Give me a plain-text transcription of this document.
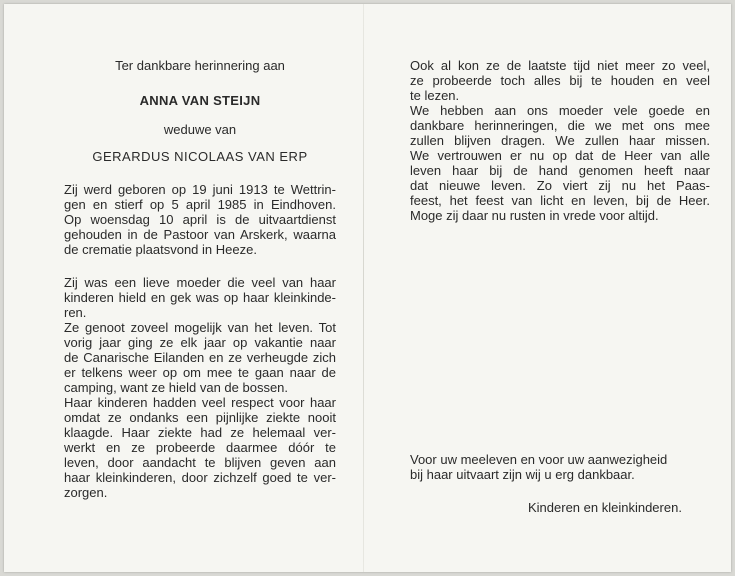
Ter dankbare herinnering aan
ANNA VAN STEIJN
weduwe van
GERARDUS NICOLAAS VAN ERP
Zij werd geboren op 19 juni 1913 te Wettrin-
gen en stierf op 5 april 1985 in Eindhoven.
Op woensdag 10 april is de uitvaartdienst
gehouden in de Pastoor van Arskerk, waarna
de crematie plaatsvond in Heeze.
Zij was een lieve moeder die veel van haar
kinderen hield en gek was op haar kleinkinde-
ren.
Ze genoot zoveel mogelijk van het leven. Tot
vorig jaar ging ze elk jaar op vakantie naar
de Canarische Eilanden en ze verheugde zich
er telkens weer op om mee te gaan naar de
camping, want ze hield van de bossen.
Haar kinderen hadden veel respect voor haar
omdat ze ondanks een pijnlijke ziekte nooit
klaagde. Haar ziekte had ze helemaal ver-
werkt en ze probeerde daarmee dóór te
leven, door aandacht te blijven geven aan
haar kleinkinderen, door zichzelf goed te ver-
zorgen.
Ook al kon ze de laatste tijd niet meer zo veel,
ze probeerde toch alles bij te houden en veel
te lezen.
We hebben aan ons moeder vele goede en
dankbare herinneringen, die we met ons mee
zullen blijven dragen. We zullen haar missen.
We vertrouwen er nu op dat de Heer van alle
leven haar bij de hand genomen heeft naar
dat nieuwe leven. Zo viert zij nu het Paas-
feest, het feest van licht en leven, bij de Heer.
Moge zij daar nu rusten in vrede voor altijd.
Voor uw meeleven en voor uw aanwezigheid
bij haar uitvaart zijn wij u erg dankbaar.
Kinderen en kleinkinderen.
